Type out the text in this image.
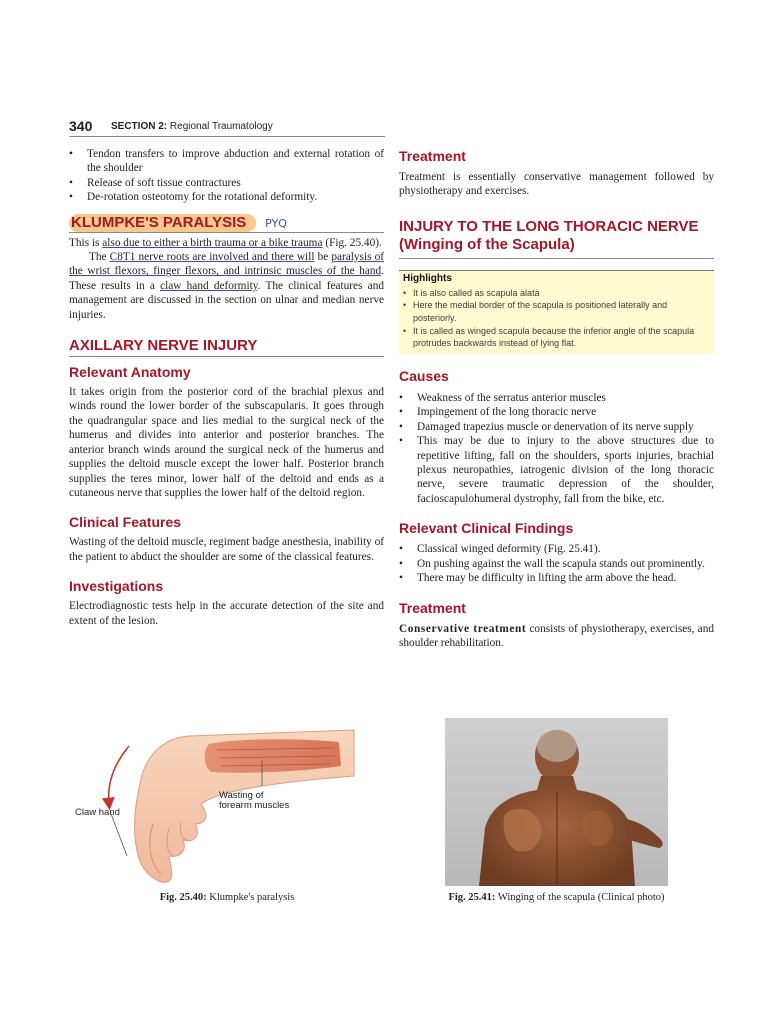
340 SECTION 2: Regional Traumatology
• Tendon transfers to improve abduction and external rotation of the shoulder
• Release of soft tissue contractures
• De-rotation osteotomy for the rotational deformity.
KLUMPKE'S PARALYSIS PYQ

This is also due to either a birth trauma or a bike trauma (Fig. 25.40).

The C8T1 nerve roots are involved and there will be paralysis of the wrist flexors, finger flexors, and intrinsic muscles of the hand. These results in a claw hand deformity. The clinical features and management are discussed in the section on ulnar and median nerve injuries.

AXILLARY NERVE INJURY
Relevant Anatomy

It takes origin from the posterior cord of the brachial plexus and winds round the lower border of the subscapularis. It goes through the quadrangular space and lies medial to the surgical neck of the humerus and divides into anterior and posterior branches. The anterior branch winds around the surgical neck of the humerus and supplies the deltoid muscle except the lower half. Posterior branch supplies the teres minor, lower half of the deltoid and ends as a cutaneous nerve that supplies the lower half of the deltoid region.

Clinical Features

Wasting of the deltoid muscle, regiment badge anesthesia, inability of the patient to abduct the shoulder are some of the classical features.

Investigations

Electrodiagnostic tests help in the accurate detection of the site and extent of the lesion.

Treatment

Treatment is essentially conservative management followed by physiotherapy and exercises.

INJURY TO THE LONG THORACIC NERVE
(Winging of the Scapula)
Highlights
• It is also called as scapula alata
• Here the medial border of the scapula is positioned laterally and posteriorly.
• It is called as winged scapula because the inferior angle of the scapula protrudes backwards instead of lying flat.
Causes
• Weakness of the serratus anterior muscles
• Impingement of the long thoracic nerve
• Damaged trapezius muscle or denervation of its nerve supply
• This may be due to injury to the above structures due to repetitive lifting, fall on the shoulders, sports injuries, brachial plexus neuropathies, iatrogenic division of the long thoracic nerve, severe traumatic depression of the shoulder, facioscapulohumeral dystrophy, fall from the bike, etc.
Relevant Clinical Findings
• Classical winged deformity (Fig. 25.41).
• On pushing against the wall the scapula stands out prominently.
• There may be difficulty in lifting the arm above the head.
Treatment

Conservative treatment consists of physiotherapy, exercises, and shoulder rehabilitation.

Wasting of
forearm muscles
Claw hand
Fig. 25.40: Klumpke's paralysis	Fig. 25.41: Winging of the scapula (Clinical photo)
